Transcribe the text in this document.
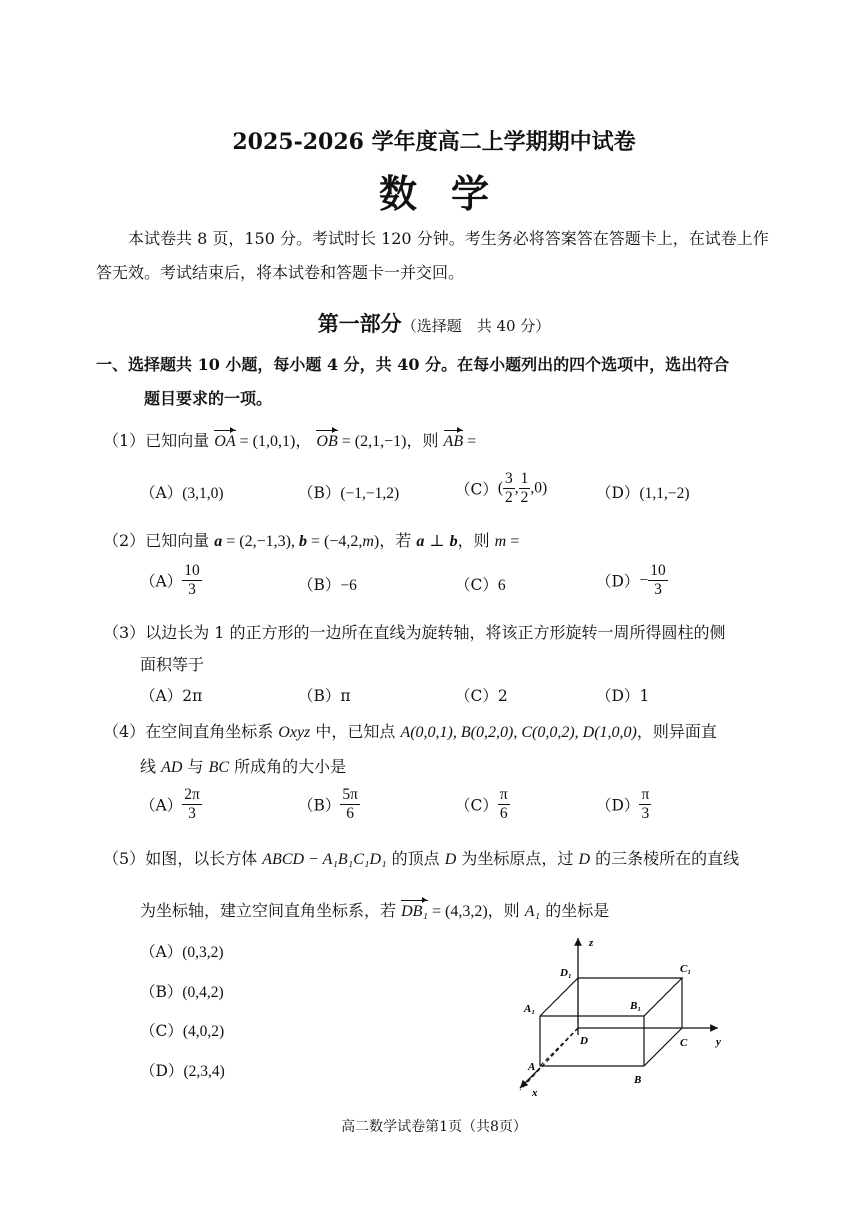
2025-2026 学年度高二上学期期中试卷
数学
本试卷共 8 页，150 分。考试时长 120 分钟。考生务必将答案答在答题卡上，在试卷上作答无效。考试结束后，将本试卷和答题卡一并交回。
第一部分（选择题　共 40 分）
一、选择题共 10 小题，每小题 4 分，共 40 分。在每小题列出的四个选项中，选出符合
题目要求的一项。
（1）已知向量 OA = (1,0,1)， OB = (2,1,−1)，则 AB =
（A）(3,1,0)	（B）(−1,−1,2)	$(C)( \frac{3}{2}$ , $\frac{1}{2} ,0$)	（D）(1,1,−2)
（2）已知向量 a = (2,−1,3), b = (−4,2,m)，若 a ⊥ b，则 m =
$(A) \frac{10}{3}$	（B）−6	（C）6	$(D)- \frac{10}{3}$
（3）以边长为 1 的正方形的一边所在直线为旋转轴，将该正方形旋转一周所得圆柱的侧
面积等于
（A）2π	（B）π	（C）2	（D）1
（4）在空间直角坐标系 Oxyz 中，已知点 A(0,0,1), B(0,2,0), C(0,0,2), D(1,0,0)，则异面直
线 AD 与 BC 所成角的大小是
$(A) \frac{2\pi}{3}$	$(B) \frac{5\pi}{6}$	$(C) \frac{\pi}{6}$	$(D) \frac{\pi}{3}$
（5）如图，以长方体 ABCD − A₁B₁C₁D₁ 的顶点 D 为坐标原点，过 D 的三条棱所在的直线
为坐标轴，建立空间直角坐标系，若 DB₁ = (4,3,2)，则 A₁ 的坐标是
（A）(0,3,2)
（B）(0,4,2)
（C）(4,0,2)
（D）(2,3,4)
z
y
x
D₁	C₁
A₁	B₁
D	C
A
B
高二数学试卷第1页（共8页）
